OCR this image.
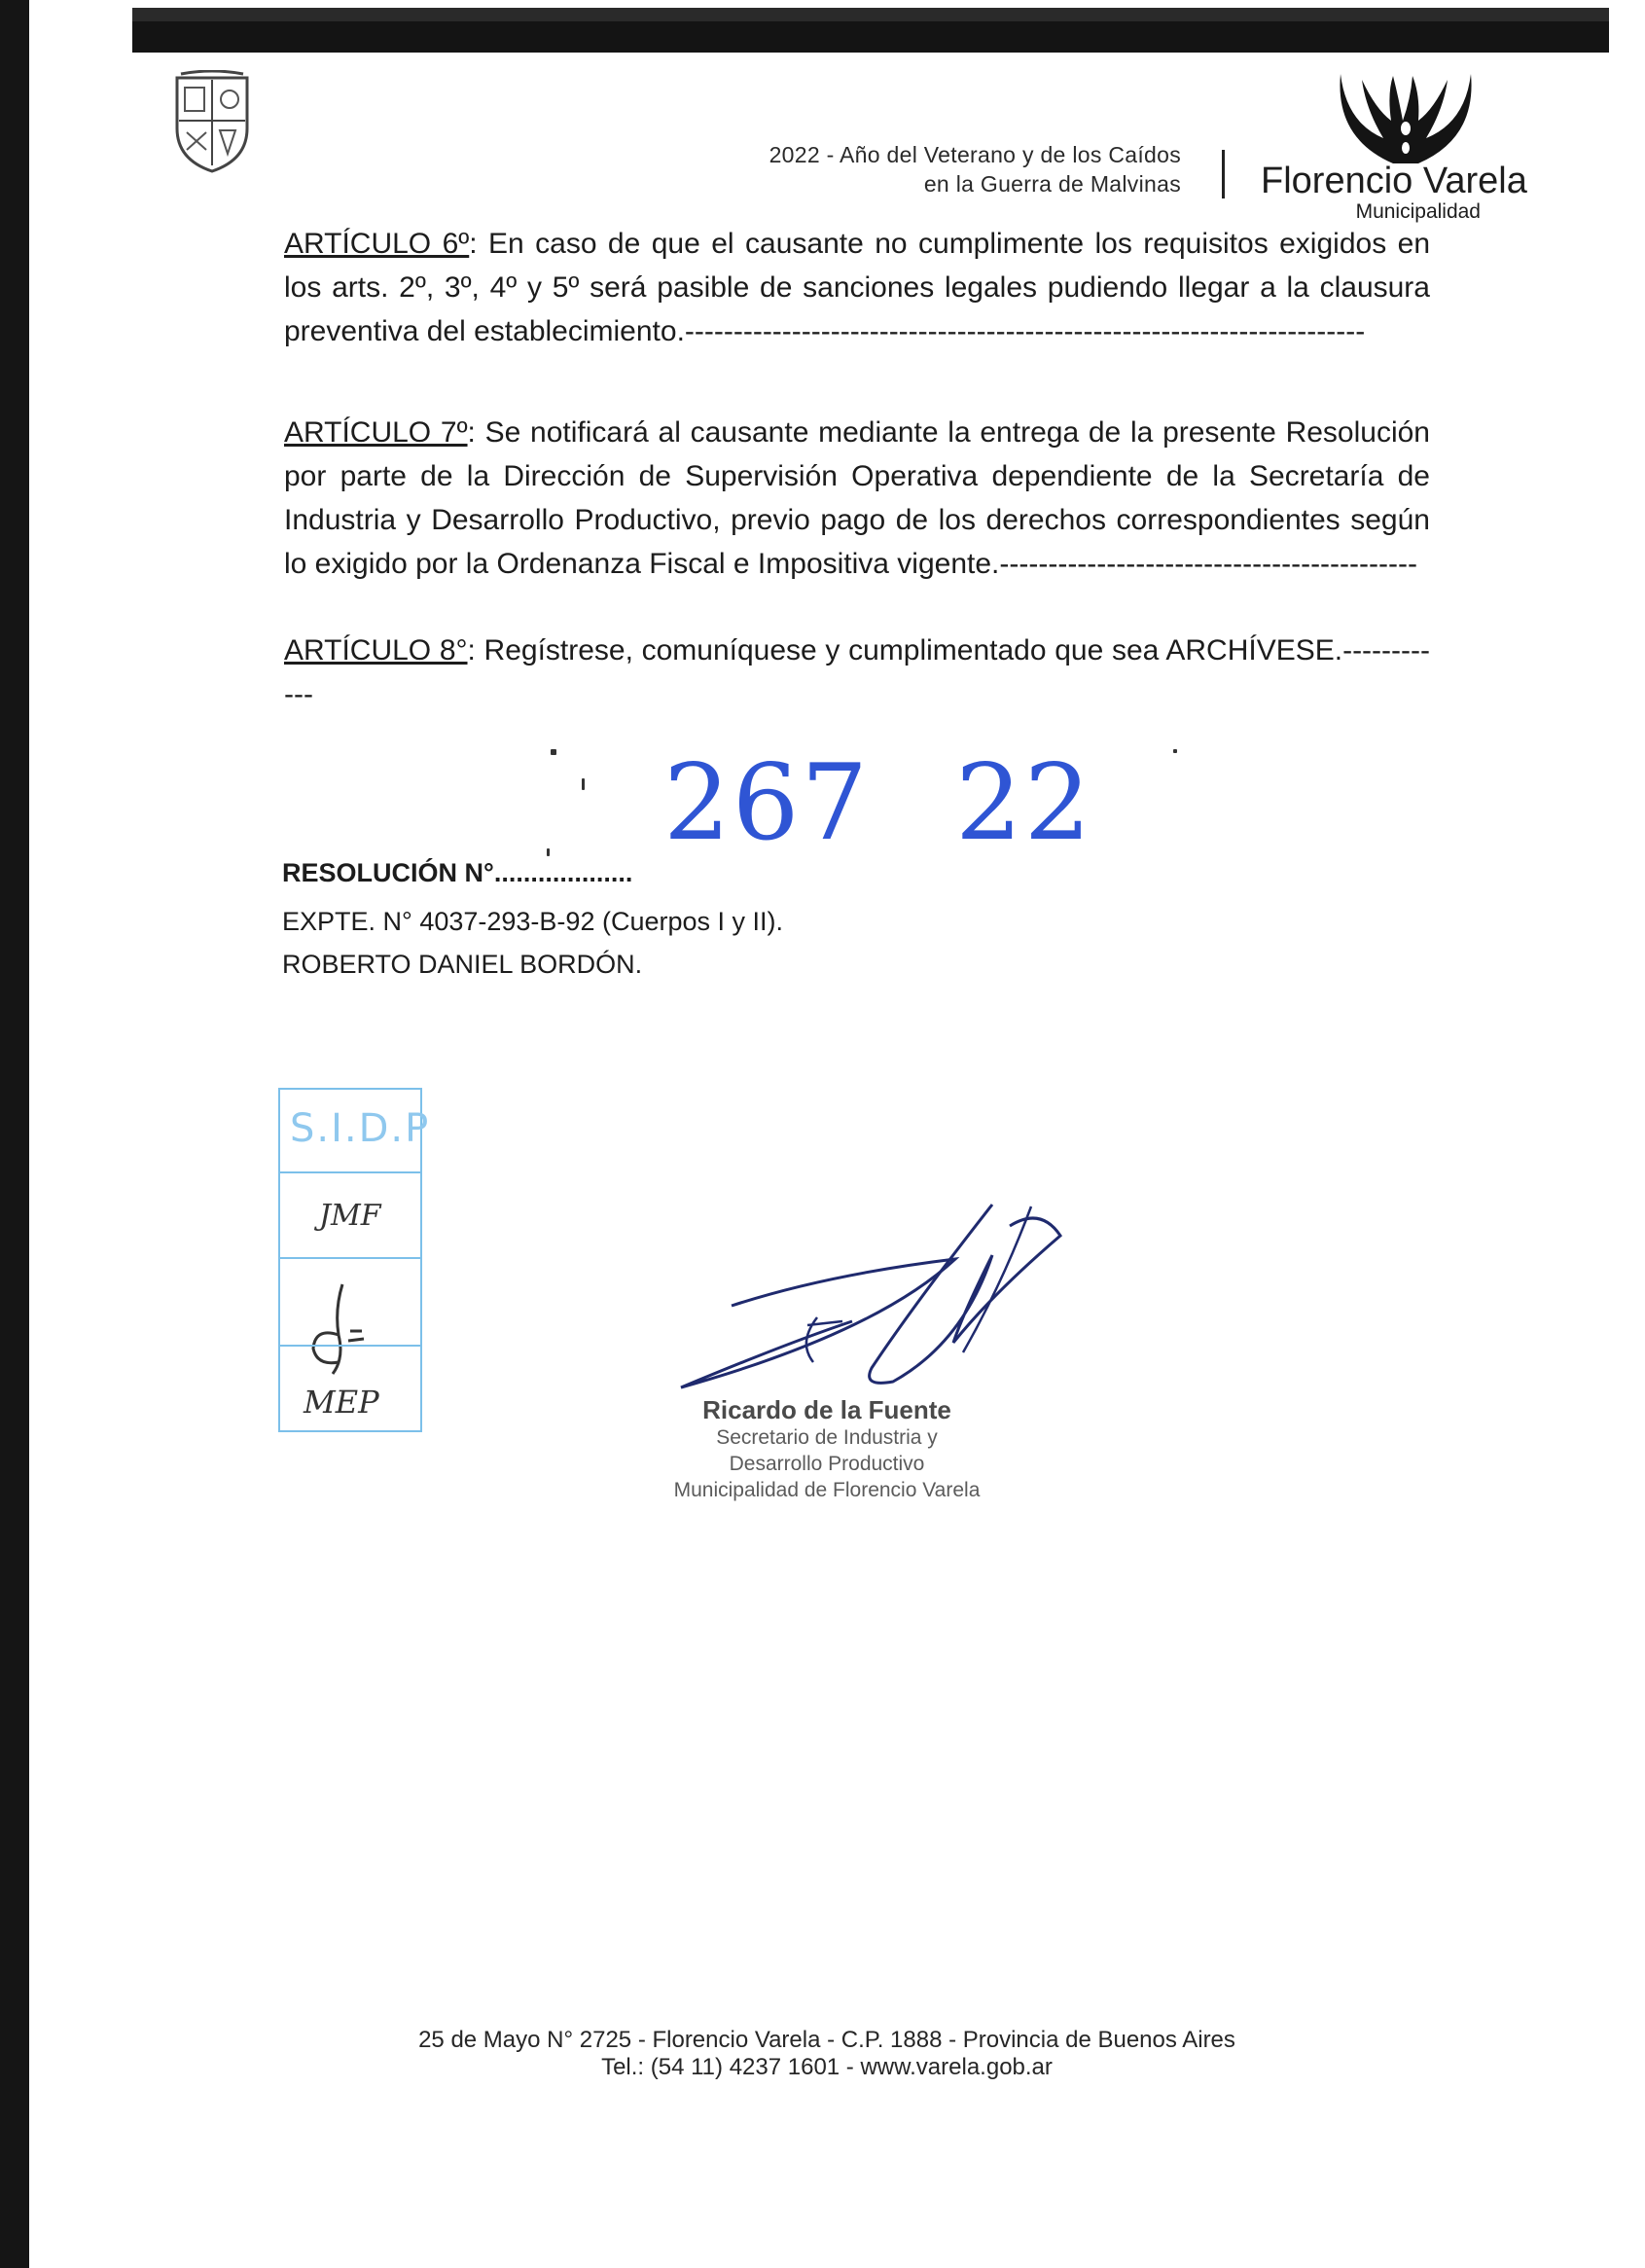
2022 - Año del Veterano y de los Caídos
en la Guerra de Malvinas Florencio Varela
Municipalidad
ARTÍCULO 6º: En caso de que el causante no cumplimente los requisitos exigidos en los arts. 2º, 3º, 4º y 5º será pasible de sanciones legales pudiendo llegar a la clausura preventiva del establecimiento.----------------------------------------------------------------------
ARTÍCULO 7º: Se notificará al causante mediante la entrega de la presente Resolución por parte de la Dirección de Supervisión Operativa dependiente de la Secretaría de Industria y Desarrollo Productivo, previo pago de los derechos correspondientes según lo exigido por la Ordenanza Fiscal e Impositiva vigente.-------------------------------------------
ARTÍCULO 8°: Regístrese, comuníquese y cumplimentado que sea ARCHÍVESE.------------
267 22
RESOLUCIÓN N°...................
EXPTE. N° 4037-293-B-92 (Cuerpos I y II).
ROBERTO DANIEL BORDÓN.
S.I.D.P
JMF
MEP	Ricardo de la Fuente
Secretario de Industria y
Desarrollo Productivo
Municipalidad de Florencio Varela
25 de Mayo N° 2725 - Florencio Varela - C.P. 1888 - Provincia de Buenos Aires
Tel.: (54 11) 4237 1601 - www.varela.gob.ar
